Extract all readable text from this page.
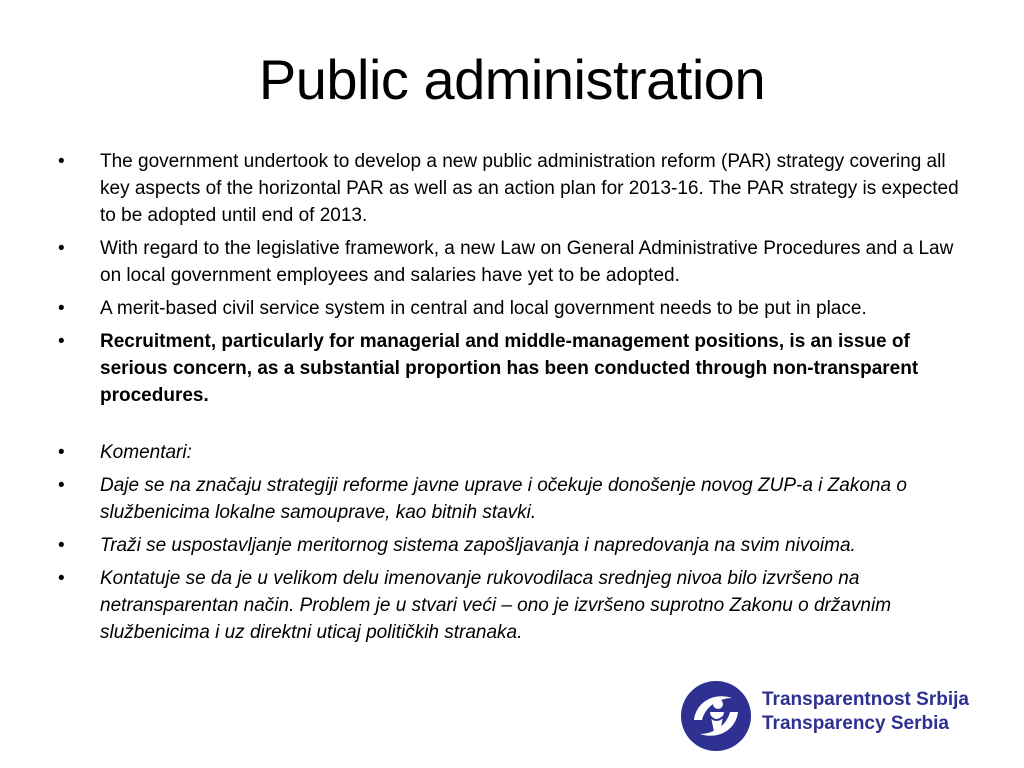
Public administration
• The government undertook to develop a new public administration reform (PAR) strategy covering all key aspects of the horizontal PAR as well as an action plan for 2013-16. The PAR strategy is expected to be adopted until end of 2013.
• With regard to the legislative framework, a new Law on General Administrative Procedures and a Law on local government employees and salaries have yet to be adopted.
• A merit-based civil service system in central and local government needs to be put in place.
• Recruitment, particularly for managerial and middle-management positions, is an issue of serious concern, as a substantial proportion has been conducted through non-transparent procedures.
• Komentari:
• Daje se na značaju strategiji reforme javne uprave i očekuje donošenje novog ZUP-a i Zakona o službenicima lokalne samouprave, kao bitnih stavki.
• Traži se uspostavljanje meritornog sistema zapošljavanja i napredovanja na svim nivoima.
• Kontatuje se da je u velikom delu imenovanje rukovodilaca srednjeg nivoa bilo izvršeno na netransparentan način. Problem je u stvari veći – ono je izvršeno suprotno Zakonu o državnim službenicima i uz direktni uticaj političkih stranaka.
Transparentnost Srbija
Transparency Serbia
